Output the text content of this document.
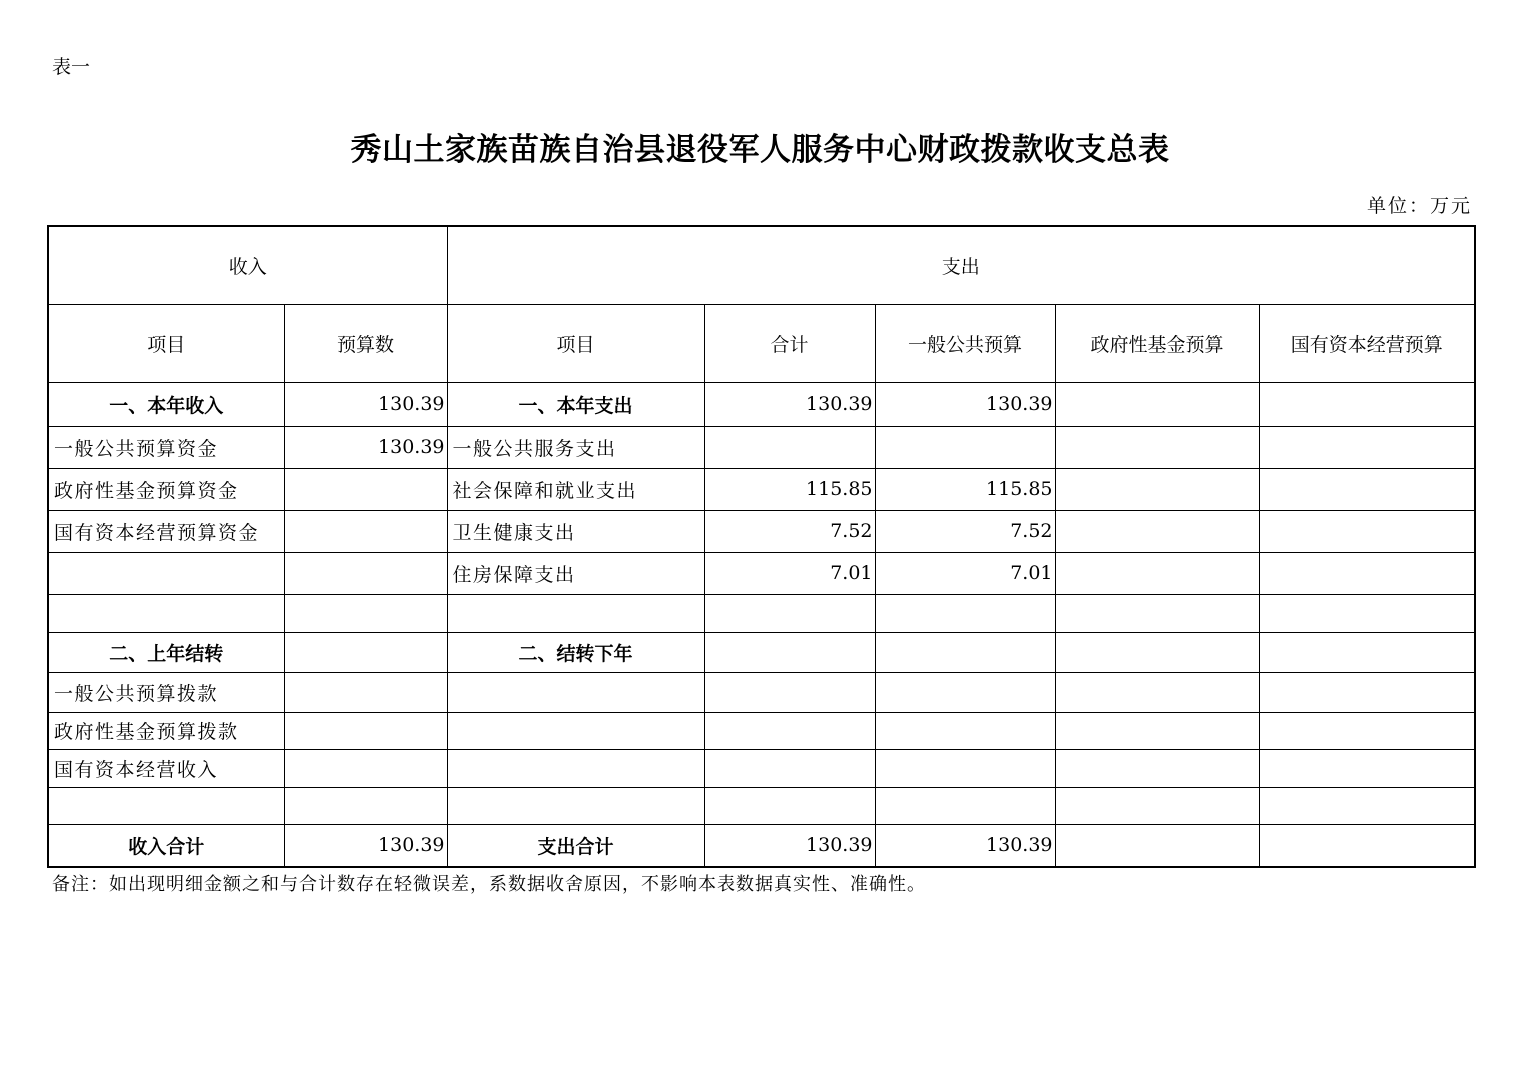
表一
秀山土家族苗族自治县退役军人服务中心财政拨款收支总表
单位：万元
收入		支出				
项目	预算数	项目	合计	一般公共预算	政府性基金预算	国有资本经营预算
一、本年收入	130.39	一、本年支出	130.39	130.39		
一般公共预算资金	130.39	一般公共服务支出				
政府性基金预算资金		社会保障和就业支出	115.85	115.85		
国有资本经营预算资金		卫生健康支出	7.52	7.52		
		住房保障支出	7.01	7.01		

二、上年结转		二、结转下年				
一般公共预算拨款						
政府性基金预算拨款						
国有资本经营收入						

收入合计	130.39	支出合计	130.39	130.39		
备注：如出现明细金额之和与合计数存在轻微误差，系数据收舍原因，不影响本表数据真实性、准确性。
